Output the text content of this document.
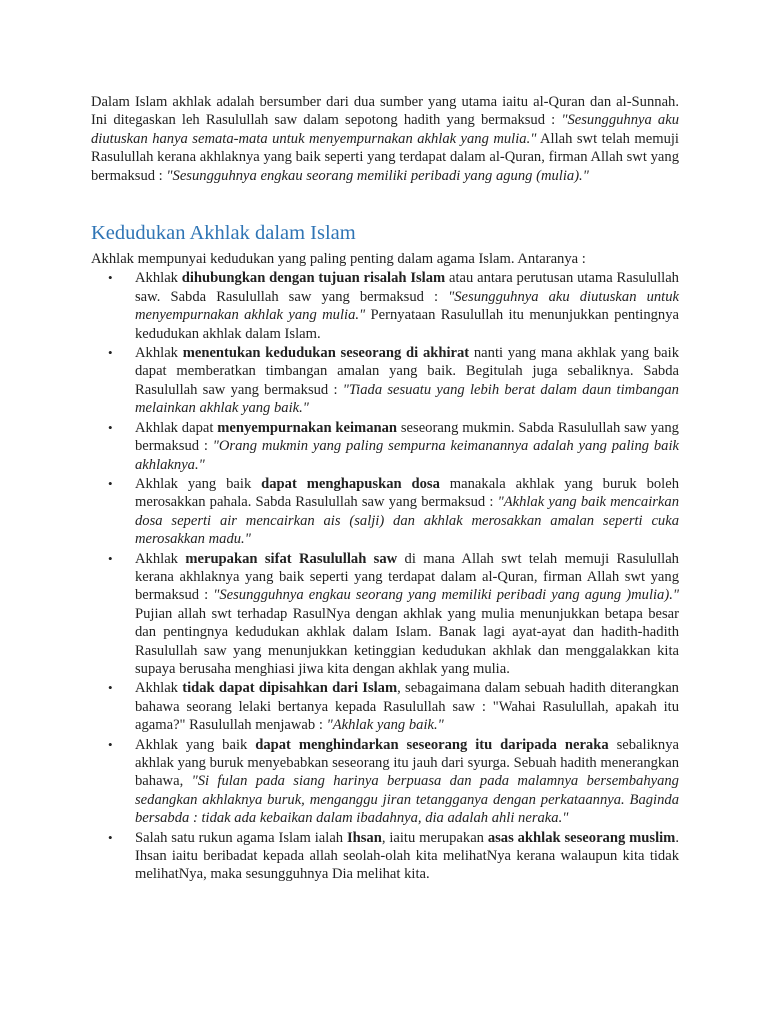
Dalam Islam akhlak adalah bersumber dari dua sumber yang utama iaitu al-Quran dan al-Sunnah. Ini ditegaskan leh Rasulullah saw dalam sepotong hadith yang bermaksud : "Sesungguhnya aku diutuskan hanya semata-mata untuk menyempurnakan akhlak yang mulia." Allah swt telah memuji Rasulullah kerana akhlaknya yang baik seperti yang terdapat dalam al-Quran, firman Allah swt yang bermaksud : "Sesungguhnya engkau seorang memiliki peribadi yang agung (mulia)."

Kedudukan Akhlak dalam Islam

Akhlak mempunyai kedudukan yang paling penting dalam agama Islam. Antaranya :

• Akhlak dihubungkan dengan tujuan risalah Islam atau antara perutusan utama Rasulullah saw. Sabda Rasulullah saw yang bermaksud : "Sesungguhnya aku diutuskan untuk menyempurnakan akhlak yang mulia." Pernyataan Rasulullah itu menunjukkan pentingnya kedudukan akhlak dalam Islam.
• Akhlak menentukan kedudukan seseorang di akhirat nanti yang mana akhlak yang baik dapat memberatkan timbangan amalan yang baik. Begitulah juga sebaliknya. Sabda Rasulullah saw yang bermaksud : "Tiada sesuatu yang lebih berat dalam daun timbangan melainkan akhlak yang baik."
• Akhlak dapat menyempurnakan keimanan seseorang mukmin. Sabda Rasulullah saw yang bermaksud : "Orang mukmin yang paling sempurna keimanannya adalah yang paling baik akhlaknya."
• Akhlak yang baik dapat menghapuskan dosa manakala akhlak yang buruk boleh merosakkan pahala. Sabda Rasulullah saw yang bermaksud : "Akhlak yang baik mencairkan dosa seperti air mencairkan ais (salji) dan akhlak merosakkan amalan seperti cuka merosakkan madu."
• Akhlak merupakan sifat Rasulullah saw di mana Allah swt telah memuji Rasulullah kerana akhlaknya yang baik seperti yang terdapat dalam al-Quran, firman Allah swt yang bermaksud : "Sesungguhnya engkau seorang yang memiliki peribadi yang agung )mulia)." Pujian allah swt terhadap RasulNya dengan akhlak yang mulia menunjukkan betapa besar dan pentingnya kedudukan akhlak dalam Islam. Banak lagi ayat-ayat dan hadith-hadith Rasulullah saw yang menunjukkan ketinggian kedudukan akhlak dan menggalakkan kita supaya berusaha menghiasi jiwa kita dengan akhlak yang mulia.
• Akhlak tidak dapat dipisahkan dari Islam, sebagaimana dalam sebuah hadith diterangkan bahawa seorang lelaki bertanya kepada Rasulullah saw : "Wahai Rasulullah, apakah itu agama?" Rasulullah menjawab : "Akhlak yang baik."
• Akhlak yang baik dapat menghindarkan seseorang itu daripada neraka sebaliknya akhlak yang buruk menyebabkan seseorang itu jauh dari syurga. Sebuah hadith menerangkan bahawa, "Si fulan pada siang harinya berpuasa dan pada malamnya bersembahyang sedangkan akhlaknya buruk, menganggu jiran tetangganya dengan perkataannya. Baginda bersabda : tidak ada kebaikan dalam ibadahnya, dia adalah ahli neraka."
• Salah satu rukun agama Islam ialah Ihsan, iaitu merupakan asas akhlak seseorang muslim. Ihsan iaitu beribadat kepada allah seolah-olah kita melihatNya kerana walaupun kita tidak melihatNya, maka sesungguhnya Dia melihat kita.
